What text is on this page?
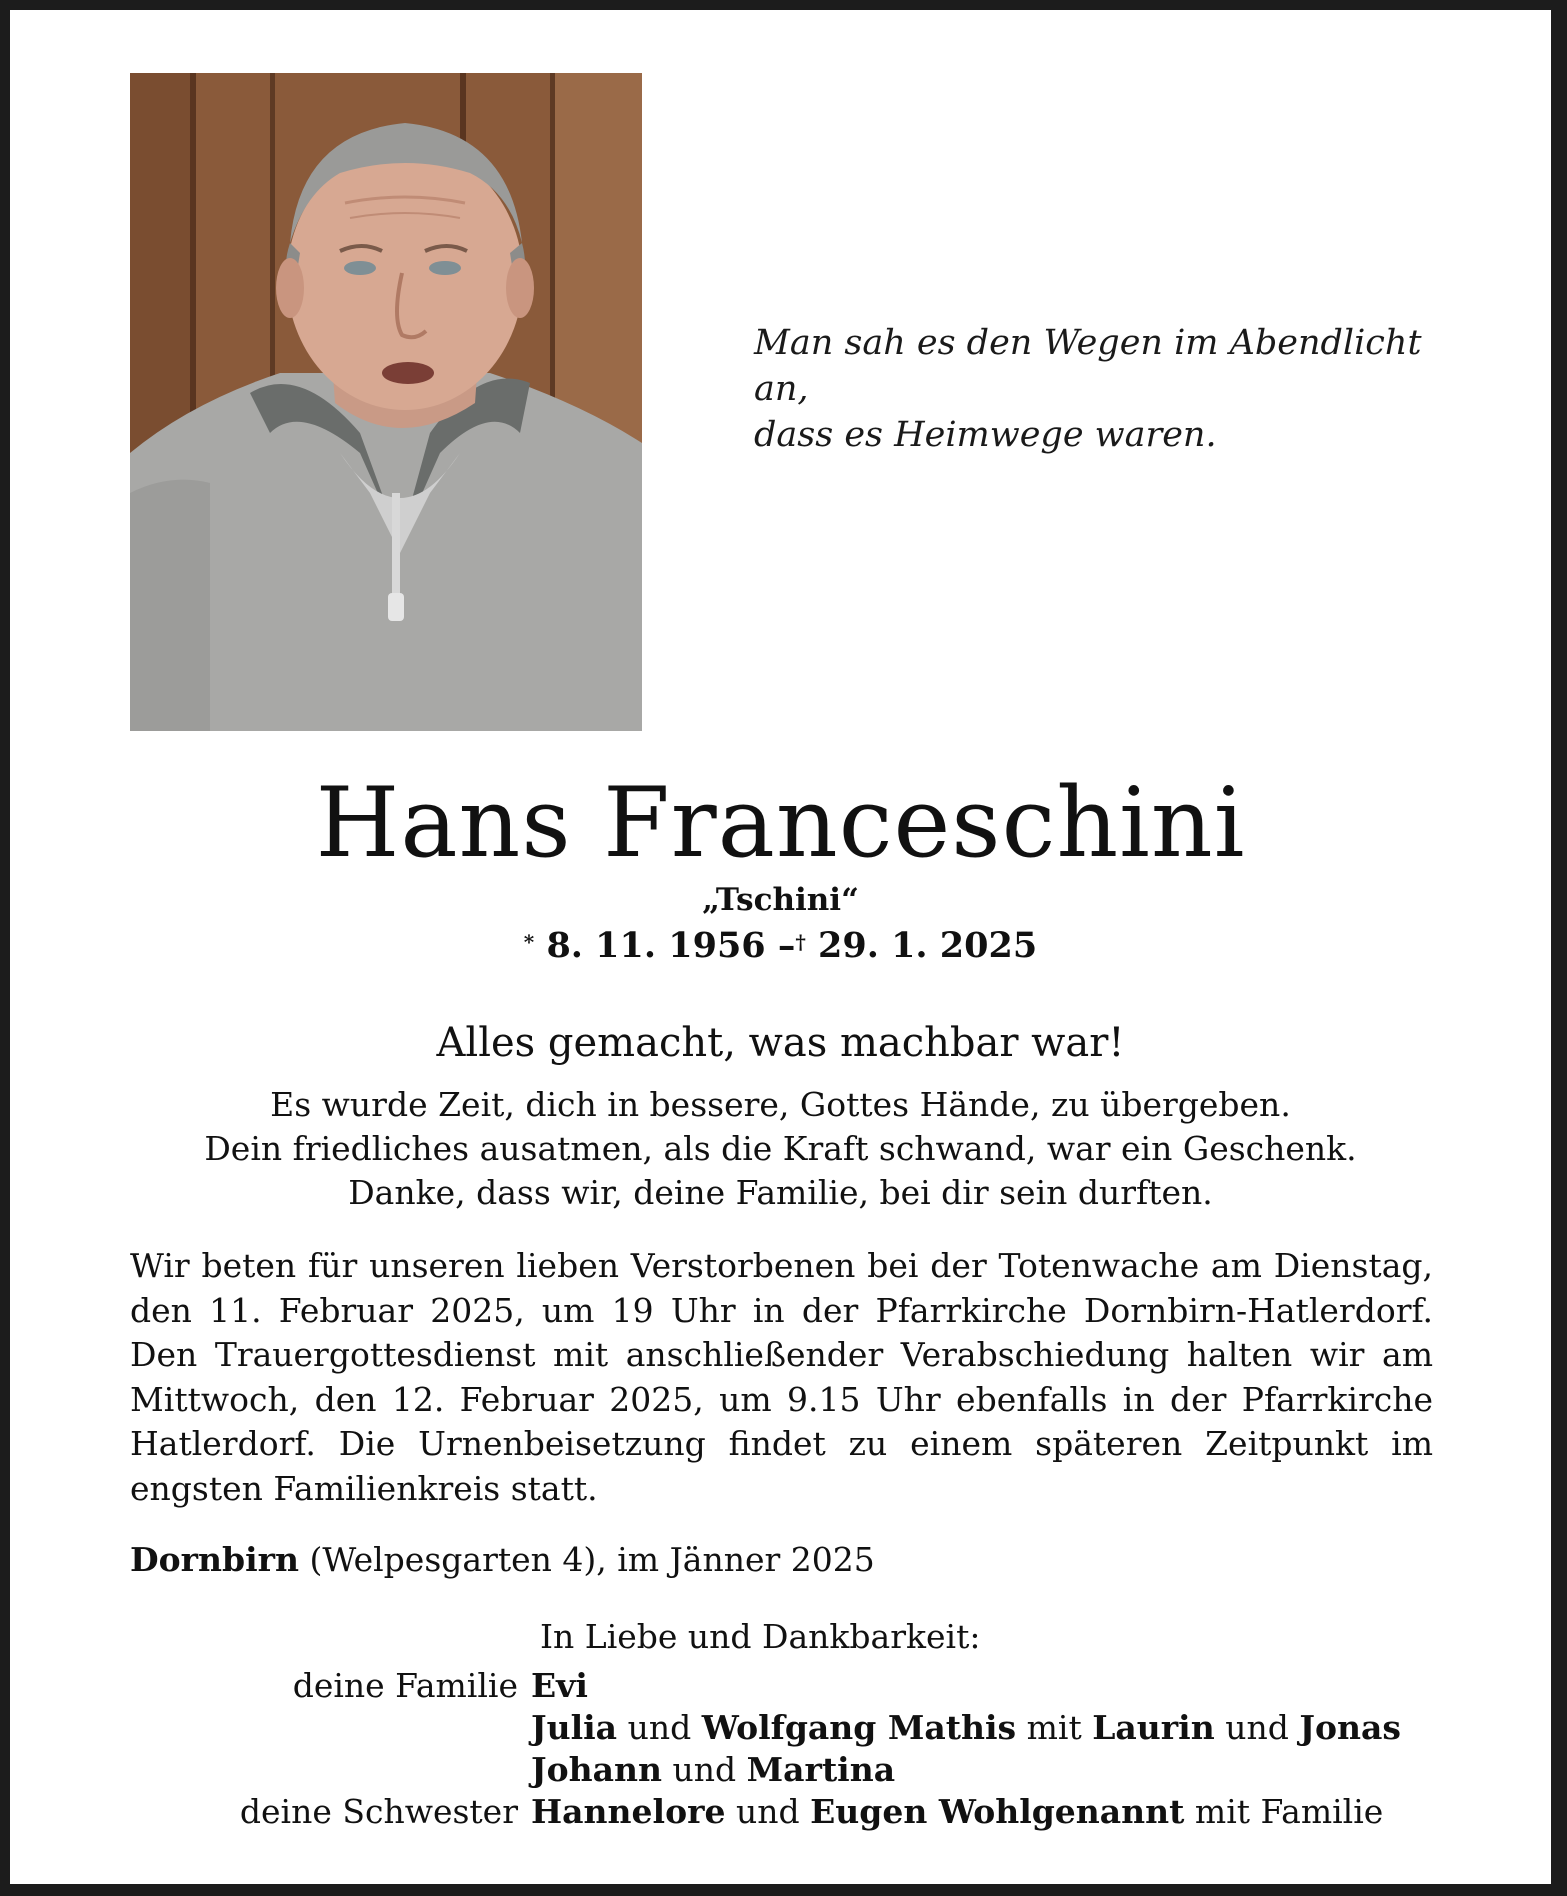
Man sah es den Wegen im Abendlicht an,
dass es Heimwege waren.
Hans Franceschini
„Tschini“
* 8. 11. 1956 –† 29. 1. 2025
Alles gemacht, was machbar war!
Es wurde Zeit, dich in bessere, Gottes Hände, zu übergeben.
Dein friedliches ausatmen, als die Kraft schwand, war ein Geschenk.
Danke, dass wir, deine Familie, bei dir sein durften.
Wir beten für unseren lieben Verstorbenen bei der Totenwache am Dienstag, den 11. Februar 2025, um 19 Uhr in der Pfarrkirche Dornbirn-Hatlerdorf. Den Trauergottesdienst mit anschließender Verabschiedung halten wir am Mittwoch, den 12. Februar 2025, um 9.15 Uhr ebenfalls in der Pfarrkirche Hatlerdorf. Die Urnenbeisetzung findet zu einem späteren Zeitpunkt im engsten Familienkreis statt.
Dornbirn (Welpesgarten 4), im Jänner 2025
In Liebe und Dankbarkeit:
deine Familie Evi
Julia und Wolfgang Mathis mit Laurin und Jonas
Johann und Martina
deine Schwester Hannelore und Eugen Wohlgenannt mit Familie
